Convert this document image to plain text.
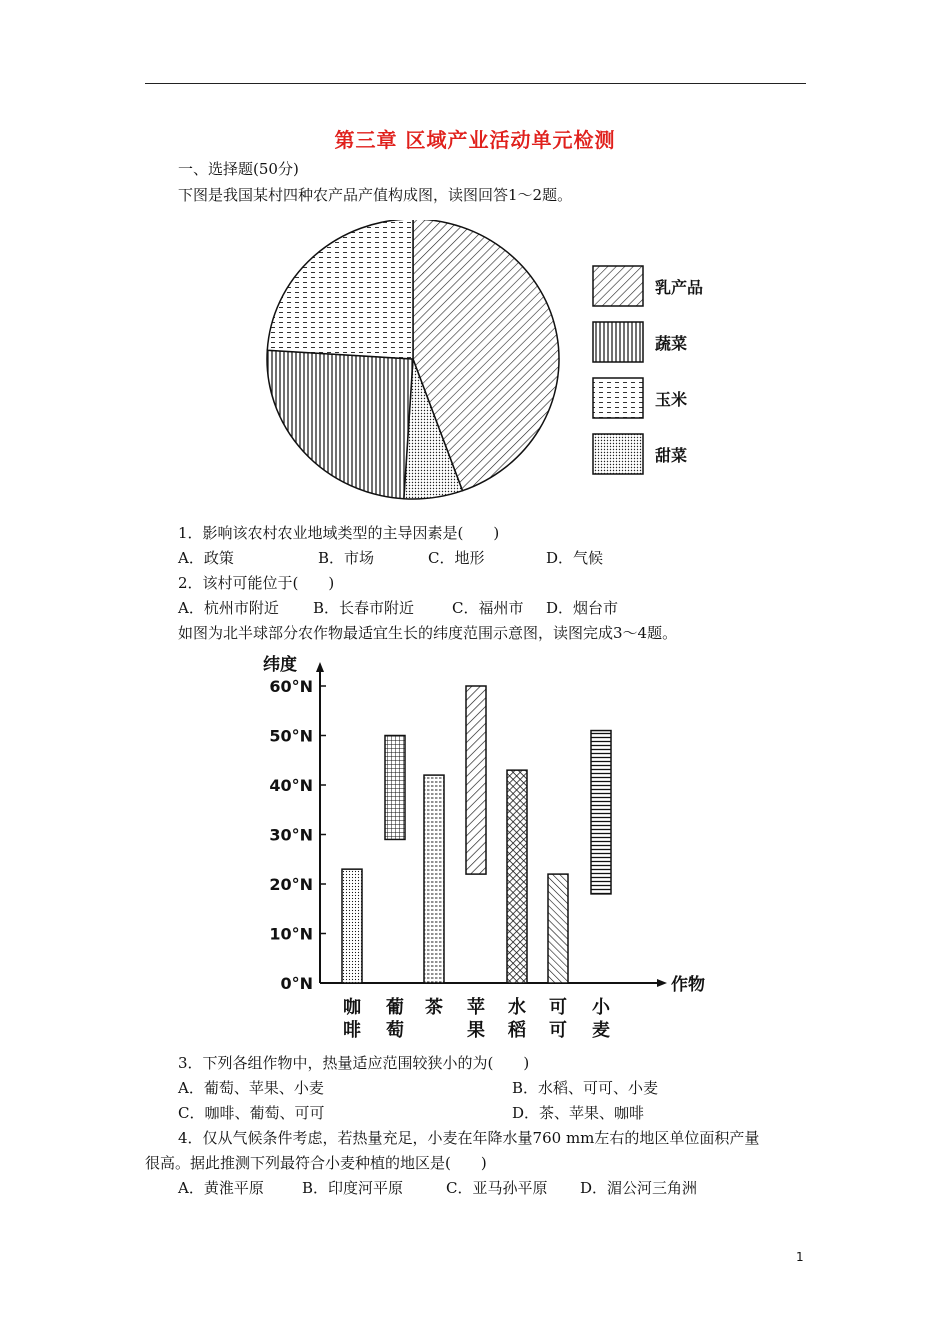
第三章 区域产业活动单元检测
一、选择题(50分)
下图是我国某村四种农产品产值构成图，读图回答1～2题。
乳产品
蔬菜
玉米
甜菜
1．影响该农村农业地域类型的主导因素是(　　)
A．政策	B．市场	C．地形	D．气候
2．该村可能位于(　　)
A．杭州市附近 B．长春市附近	C．福州市 D．烟台市
如图为北半球部分农作物最适宜生长的纬度范围示意图，读图完成3～4题。
纬度
作物
0°N
10°N
20°N
30°N
40°N
50°N
60°N
咖
啡
葡
萄
茶 苹
果
水
稻
可
可
小
麦
3．下列各组作物中，热量适应范围较狭小的为(　　)
A．葡萄、苹果、小麦	B．水稻、可可、小麦
C．咖啡、葡萄、可可	D．茶、苹果、咖啡
4．仅从气候条件考虑，若热量充足，小麦在年降水量760 mm左右的地区单位面积产量
很高。据此推测下列最符合小麦种植的地区是(　　)
A．黄淮平原	B．印度河平原	C．亚马孙平原 D．湄公河三角洲
1
